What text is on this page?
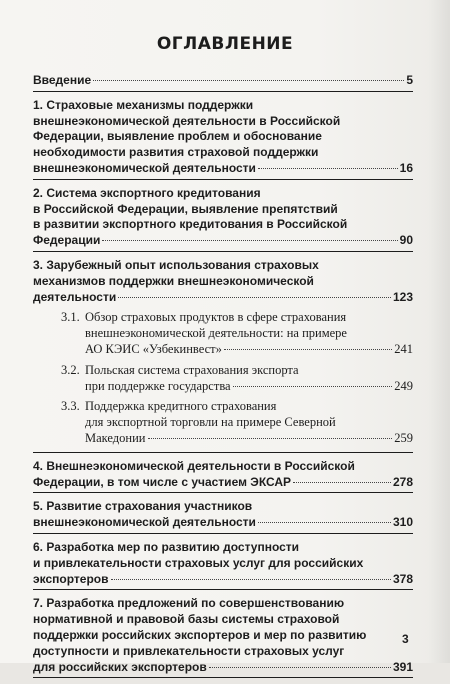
ОГЛАВЛЕНИЕ
Введение	5
1. Страховые механизмы поддержки
внешнеэкономической деятельности в Российской
Федерации, выявление проблем и обоснование
необходимости развития страховой поддержки
внешнеэкономической деятельности	16
2. Система экспортного кредитования
в Российской Федерации, выявление препятствий
в развитии экспортного кредитования в Российской
Федерации	90
3. Зарубежный опыт использования страховых
механизмов поддержки внешнеэкономической
деятельности	123
3.1. Обзор страховых продуктов в сфере страхования
внешнеэкономической деятельности: на примере
АО КЭИС «Узбекинвест»	241
3.2. Польская система страхования экспорта
при поддержке государства	249
3.3. Поддержка кредитного страхования
для экспортной торговли на примере Северной
Македонии	259
4. Внешнеэкономической деятельности в Российской
Федерации, в том числе с участием ЭКСАР	278
5. Развитие страхования участников
внешнеэкономической деятельности	310
6. Разработка мер по развитию доступности
и привлекательности страховых услуг для российских
экспортеров	378
7. Разработка предложений по совершенствованию
нормативной и правовой базы системы страховой
поддержки российских экспортеров и мер по развитию
доступности и привлекательности страховых услуг
для российских экспортеров	391
3
